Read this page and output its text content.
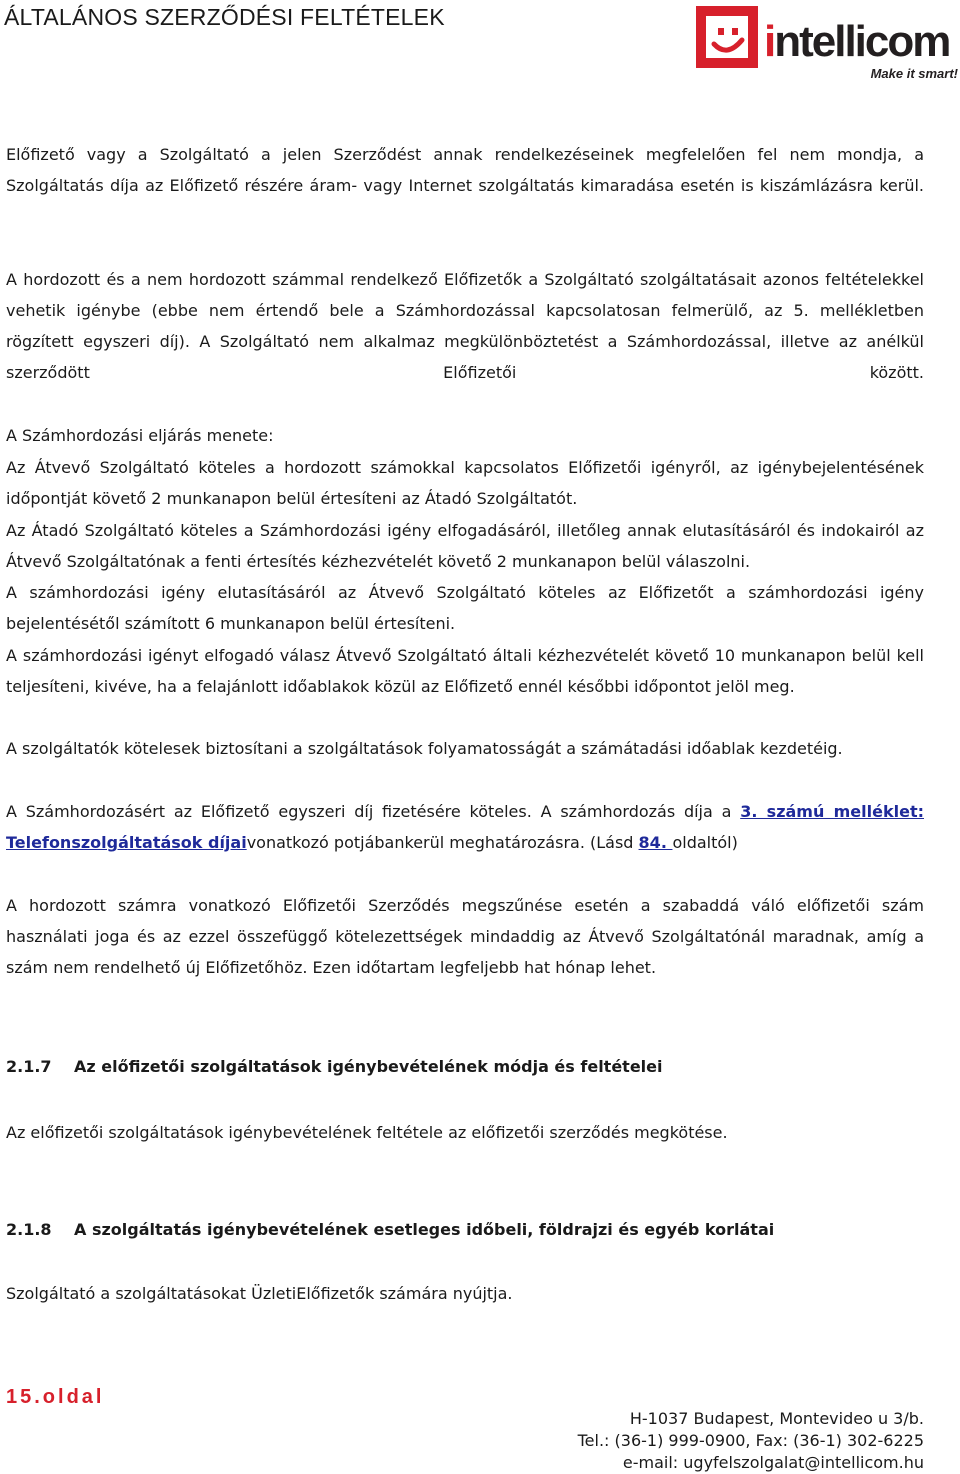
ÁLTALÁNOS SZERZŐDÉSI FELTÉTELEK	intellicom
Make it smart!

Előfizető vagy a Szolgáltató a jelen Szerződést annak rendelkezéseinek megfelelően fel nem mondja, a Szolgáltatás díja az Előfizető részére áram- vagy Internet szolgáltatás kimaradása esetén is kiszámlázásra kerül.

A hordozott és a nem hordozott számmal rendelkező Előfizetők a Szolgáltató szolgáltatásait azonos feltételekkel vehetik igénybe (ebbe nem értendő bele a Számhordozással kapcsolatosan felmerülő, az 5. mellékletben rögzített egyszeri díj). A Szolgáltató nem alkalmaz megkülönböztetést a Számhordozással, illetve az anélkül szerződött Előfizetői között.

A Számhordozási eljárás menete:

Az Átvevő Szolgáltató köteles a hordozott számokkal kapcsolatos Előfizetői igényről, az igénybejelentésének időpontját követő 2 munkanapon belül értesíteni az Átadó Szolgáltatót.

Az Átadó Szolgáltató köteles a Számhordozási igény elfogadásáról, illetőleg annak elutasításáról és indokairól az Átvevő Szolgáltatónak a fenti értesítés kézhezvételét követő 2 munkanapon belül válaszolni.

A számhordozási igény elutasításáról az Átvevő Szolgáltató köteles az Előfizetőt a számhordozási igény bejelentésétől számított 6 munkanapon belül értesíteni.

A számhordozási igényt elfogadó válasz Átvevő Szolgáltató általi kézhezvételét követő 10 munkanapon belül kell teljesíteni, kivéve, ha a felajánlott időablakok közül az Előfizető ennél későbbi időpontot jelöl meg.

A szolgáltatók kötelesek biztosítani a szolgáltatások folyamatosságát a számátadási időablak kezdetéig.

A Számhordozásért az Előfizető egyszeri díj fizetésére köteles. A számhordozás díja a 3. számú melléklet: Telefonszolgáltatások díjaivonatkozó potjábankerül meghatározásra. (Lásd 84. oldaltól)

A hordozott számra vonatkozó Előfizetői Szerződés megszűnése esetén a szabaddá váló előfizetői szám használati joga és az ezzel összefüggő kötelezettségek mindaddig az Átvevő Szolgáltatónál maradnak, amíg a szám nem rendelhető új Előfizetőhöz. Ezen időtartam legfeljebb hat hónap lehet.

2.1.7 Az előfizetői szolgáltatások igénybevételének módja és feltételei

Az előfizetői szolgáltatások igénybevételének feltétele az előfizetői szerződés megkötése.

2.1.8 A szolgáltatás igénybevételének esetleges időbeli, földrajzi és egyéb korlátai

Szolgáltató a szolgáltatásokat ÜzletiElőfizetők számára nyújtja.

15.oldal
H-1037 Budapest, Montevideo u 3/b.
Tel.: (36-1) 999-0900, Fax: (36-1) 302-6225
e-mail: ugyfelszolgalat@intellicom.hu
